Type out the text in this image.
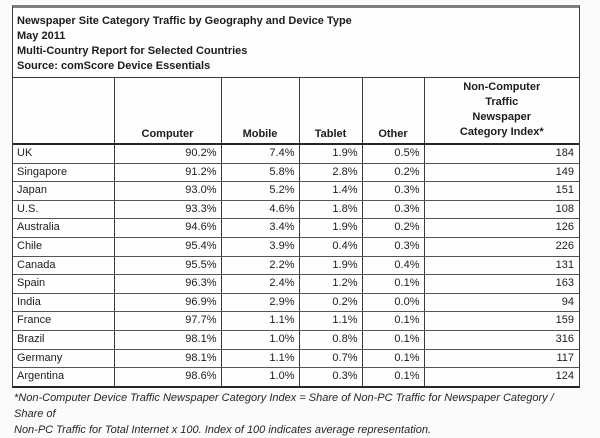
Newspaper Site Category Traffic by Geography and Device Type
May 2011
Multi-Country Report for Selected Countries
Source: comScore Device Essentials
	Computer	Mobile	Tablet	Other	Non-Computer
Traffic
Newspaper
Category Index*

UK	90.2%	7.4%	1.9%	0.5%	184
Singapore	91.2%	5.8%	2.8%	0.2%	149
Japan	93.0%	5.2%	1.4%	0.3%	151
U.S.	93.3%	4.6%	1.8%	0.3%	108
Australia	94.6%	3.4%	1.9%	0.2%	126
Chile	95.4%	3.9%	0.4%	0.3%	226
Canada	95.5%	2.2%	1.9%	0.4%	131
Spain	96.3%	2.4%	1.2%	0.1%	163
India	96.9%	2.9%	0.2%	0.0%	94
France	97.7%	1.1%	1.1%	0.1%	159
Brazil	98.1%	1.0%	0.8%	0.1%	316
Germany	98.1%	1.1%	0.7%	0.1%	117
Argentina	98.6%	1.0%	0.3%	0.1%	124
*Non-Computer Device Traffic Newspaper Category Index = Share of Non-PC Traffic for Newspaper Category / Share of
Non-PC Traffic for Total Internet x 100. Index of 100 indicates average representation.
